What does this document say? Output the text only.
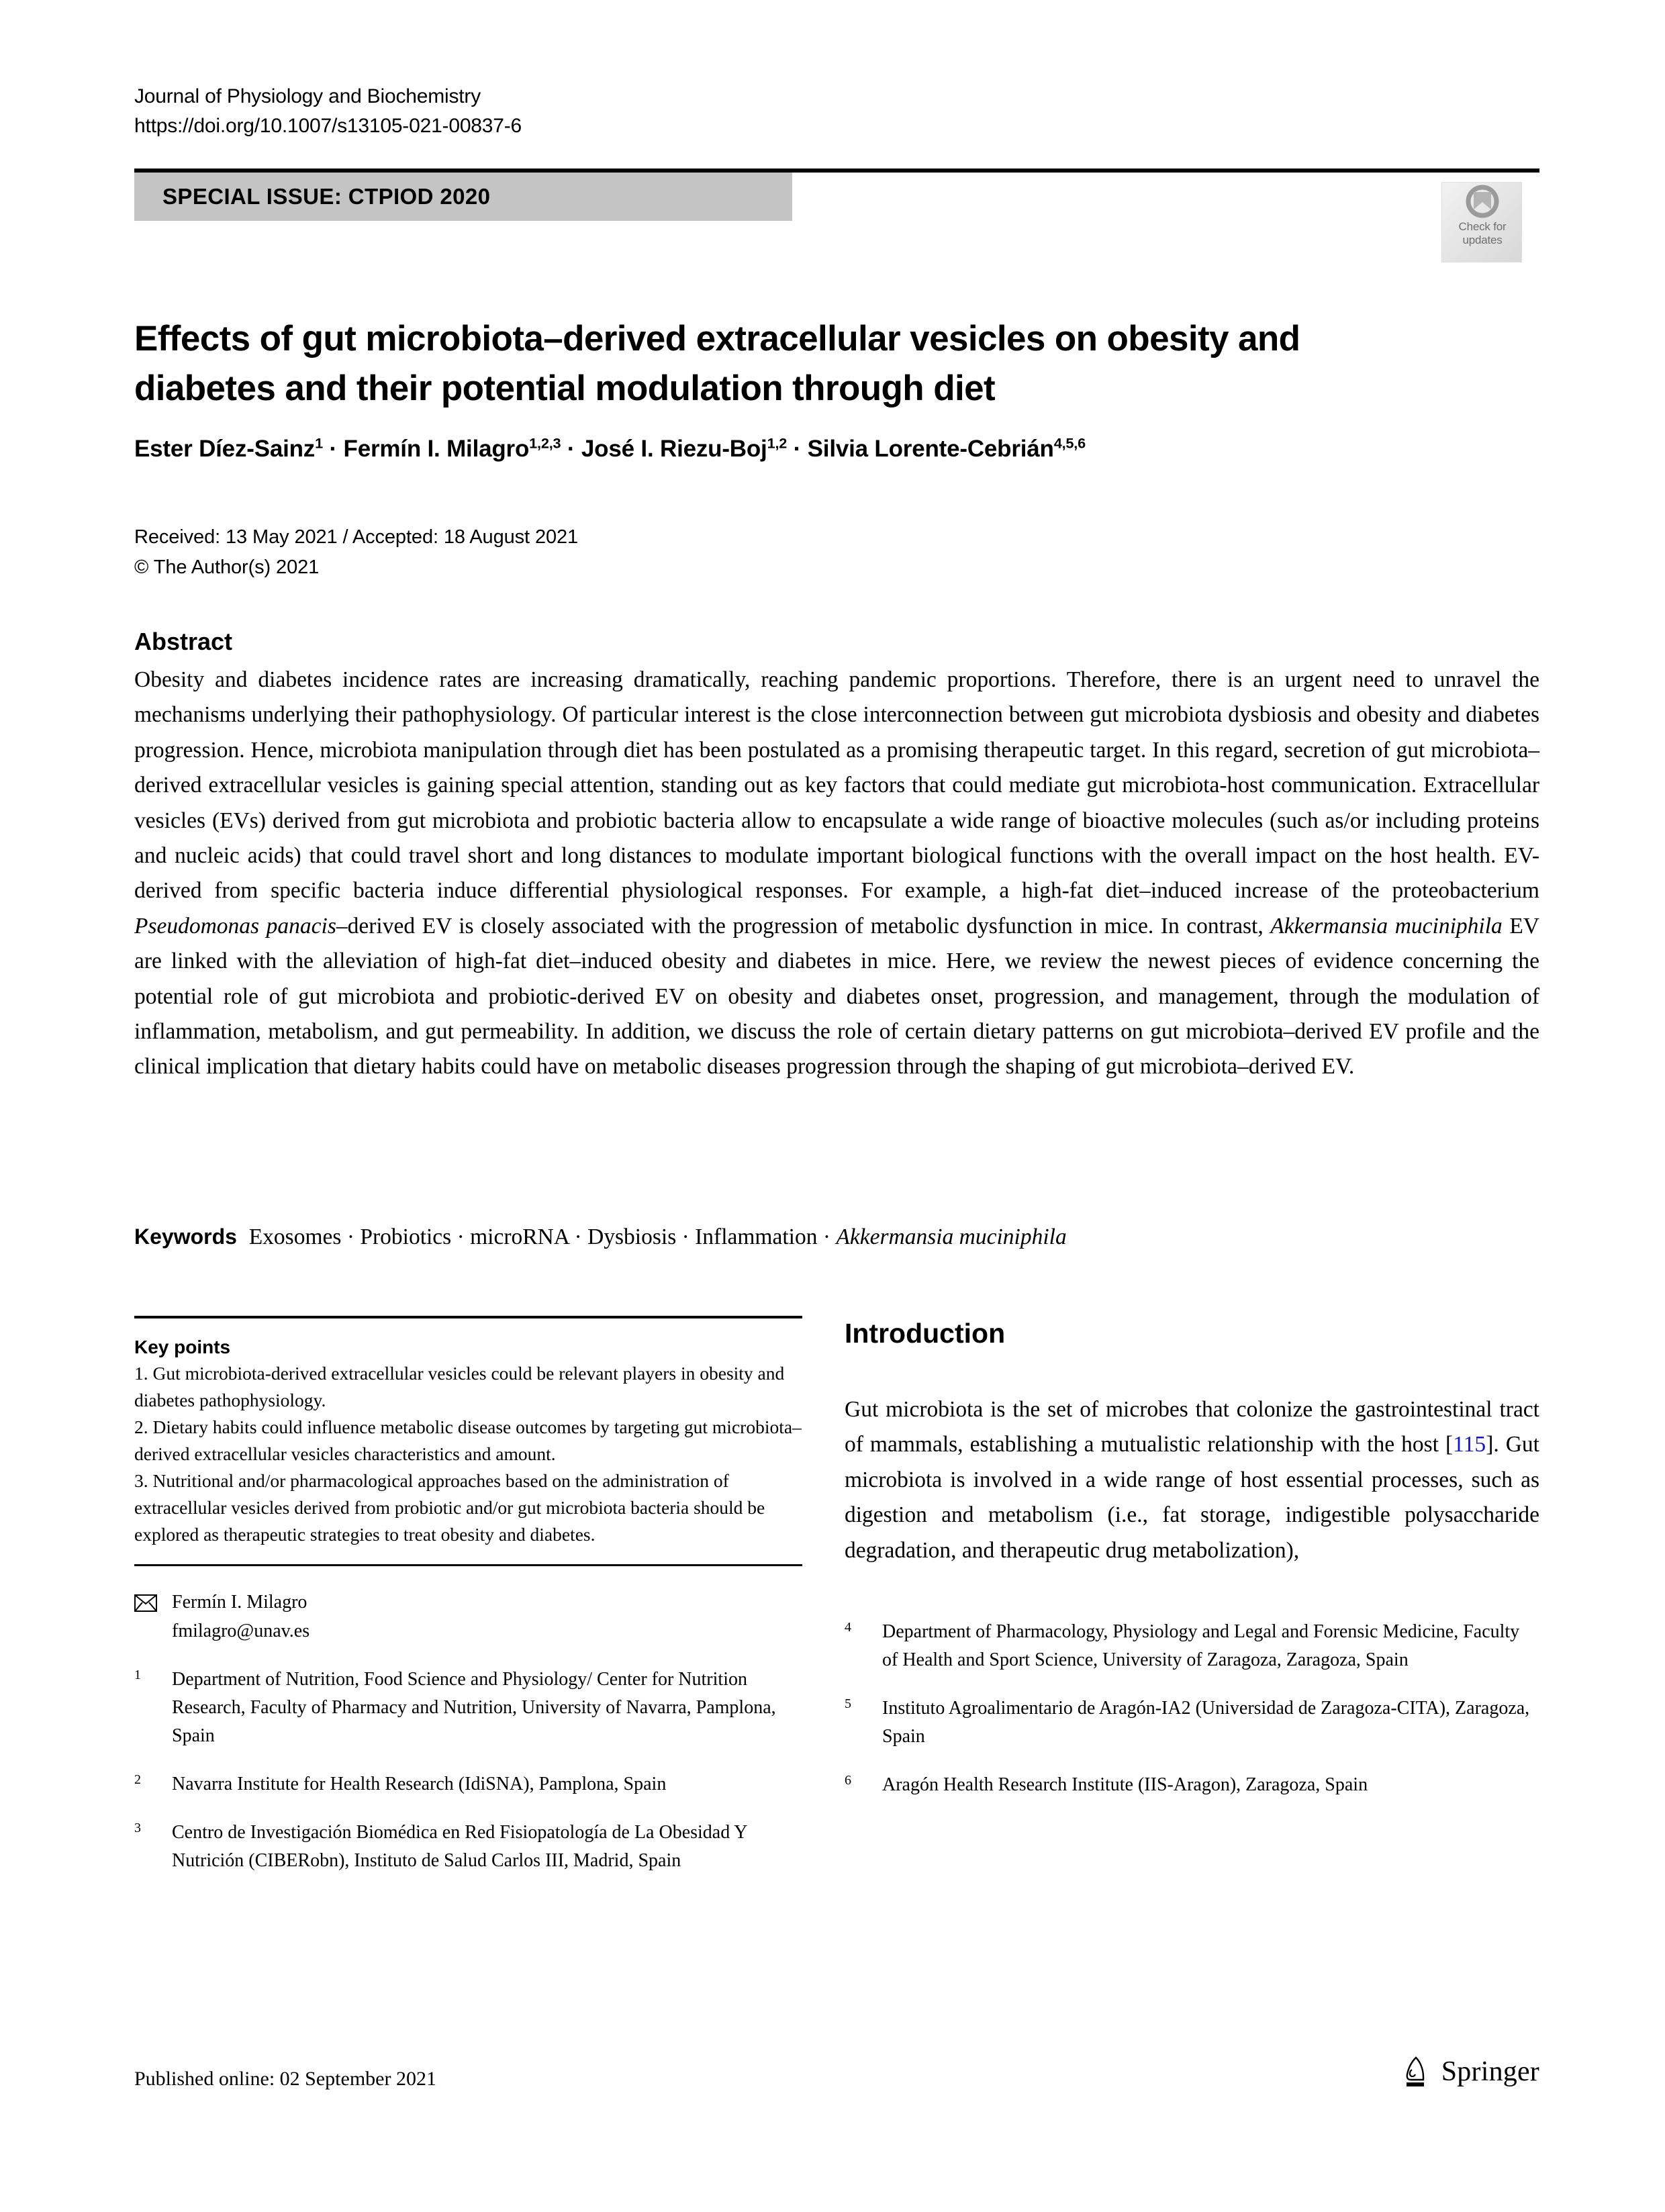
Journal of Physiology and Biochemistry
https://doi.org/10.1007/s13105-021-00837-6
SPECIAL ISSUE: CTPIOD 2020
Check for
updates
Effects of gut microbiota–derived extracellular vesicles on obesity and diabetes and their potential modulation through diet
Ester Díez-Sainz$^1$ · Fermín I. Milagro$^{1,2,3}$ · José I. Riezu-Boj$^{1,2}$ · Silvia Lorente-Cebrián$^{4,5,6}$
Received: 13 May 2021 / Accepted: 18 August 2021
© The Author(s) 2021
Abstract
Obesity and diabetes incidence rates are increasing dramatically, reaching pandemic proportions. Therefore, there is an urgent need to unravel the mechanisms underlying their pathophysiology. Of particular interest is the close interconnection between gut microbiota dysbiosis and obesity and diabetes progression. Hence, microbiota manipulation through diet has been postulated as a promising therapeutic target. In this regard, secretion of gut microbiota–derived extracellular vesicles is gaining special attention, standing out as key factors that could mediate gut microbiota-host communication. Extracellular vesicles (EVs) derived from gut microbiota and probiotic bacteria allow to encapsulate a wide range of bioactive molecules (such as/or including proteins and nucleic acids) that could travel short and long distances to modulate important biological functions with the overall impact on the host health. EV-derived from specific bacteria induce differential physiological responses. For example, a high-fat diet–induced increase of the proteobacterium Pseudomonas panacis–derived EV is closely associated with the progression of metabolic dysfunction in mice. In contrast, Akkermansia muciniphila EV are linked with the alleviation of high-fat diet–induced obesity and diabetes in mice. Here, we review the newest pieces of evidence concerning the potential role of gut microbiota and probiotic-derived EV on obesity and diabetes onset, progression, and management, through the modulation of inflammation, metabolism, and gut permeability. In addition, we discuss the role of certain dietary patterns on gut microbiota–derived EV profile and the clinical implication that dietary habits could have on metabolic diseases progression through the shaping of gut microbiota–derived EV.
Keywords  Exosomes · Probiotics · microRNA · Dysbiosis · Inflammation · Akkermansia muciniphila
Key points

1. Gut microbiota-derived extracellular vesicles could be relevant players in obesity and diabetes pathophysiology.

2. Dietary habits could influence metabolic disease outcomes by targeting gut microbiota–derived extracellular vesicles characteristics and amount.

3. Nutritional and/or pharmacological approaches based on the administration of extracellular vesicles derived from probiotic and/or gut microbiota bacteria should be explored as therapeutic strategies to treat obesity and diabetes.

Fermín I. Milagro
fmilagro@unav.es
1	Department of Nutrition, Food Science and Physiology/ Center for Nutrition Research, Faculty of Pharmacy and Nutrition, University of Navarra, Pamplona, Spain
2	Navarra Institute for Health Research (IdiSNA), Pamplona, Spain
3	Centro de Investigación Biomédica en Red Fisiopatología de La Obesidad Y Nutrición (CIBERobn), Instituto de Salud Carlos III, Madrid, Spain
Introduction
Gut microbiota is the set of microbes that colonize the gastrointestinal tract of mammals, establishing a mutualistic relationship with the host [115]. Gut microbiota is involved in a wide range of host essential processes, such as digestion and metabolism (i.e., fat storage, indigestible polysaccharide degradation, and therapeutic drug metabolization),
4	Department of Pharmacology, Physiology and Legal and Forensic Medicine, Faculty of Health and Sport Science, University of Zaragoza, Zaragoza, Spain
5	Instituto Agroalimentario de Aragón-IA2 (Universidad de Zaragoza-CITA), Zaragoza, Spain
6	Aragón Health Research Institute (IIS-Aragon), Zaragoza, Spain
Published online: 02 September 2021	Springer
